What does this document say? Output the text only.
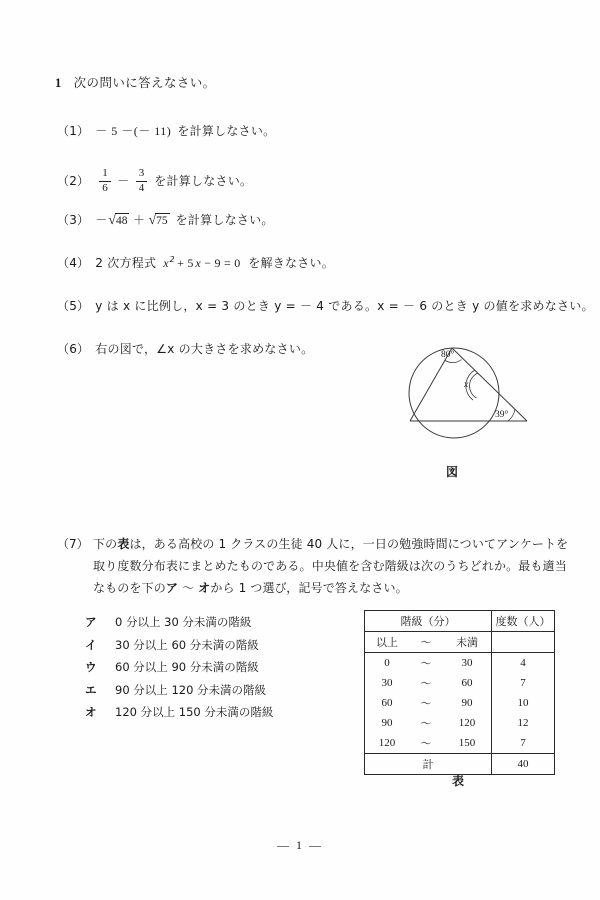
1 次の問いに答えなさい。
（1） － 5 －(－ 11) を計算しなさい。
$(2) \frac{1}{6} - \frac{3}{4}$ を計算しなさい。
（3） － √ 48 ＋ √ 75 を計算しなさい。
（4） 2 次方程式 $x^2 + 5$ x − 9 = 0 を解きなさい。
（5） y は x に比例し，x = 3 のとき y = － 4 である。x = － 6 のとき y の値を求めなさい。
（6） 右の図で，∠x の大きさを求めなさい。	80°
x
39°
図
（7） 下の表は，ある高校の 1 クラスの生徒 40 人に，一日の勉強時間についてアンケートを
取り度数分布表にまとめたものである。中央値を含む階級は次のうちどれか。最も適当
なものを下のア ～ オから 1 つ選び，記号で答えなさい。
ア	0 分以上 30 分未満の階級
イ	30 分以上 60 分未満の階級
ウ	60 分以上 90 分未満の階級
エ	90 分以上 120 分未満の階級
オ	120 分以上 150 分未満の階級
階級（分）			度数（人）
以上	～	未満	
0	～	30	4
30	～	60	7
60	～	90	10
90	～	120	12
120	～	150	7
計			40
表
— 1 —
